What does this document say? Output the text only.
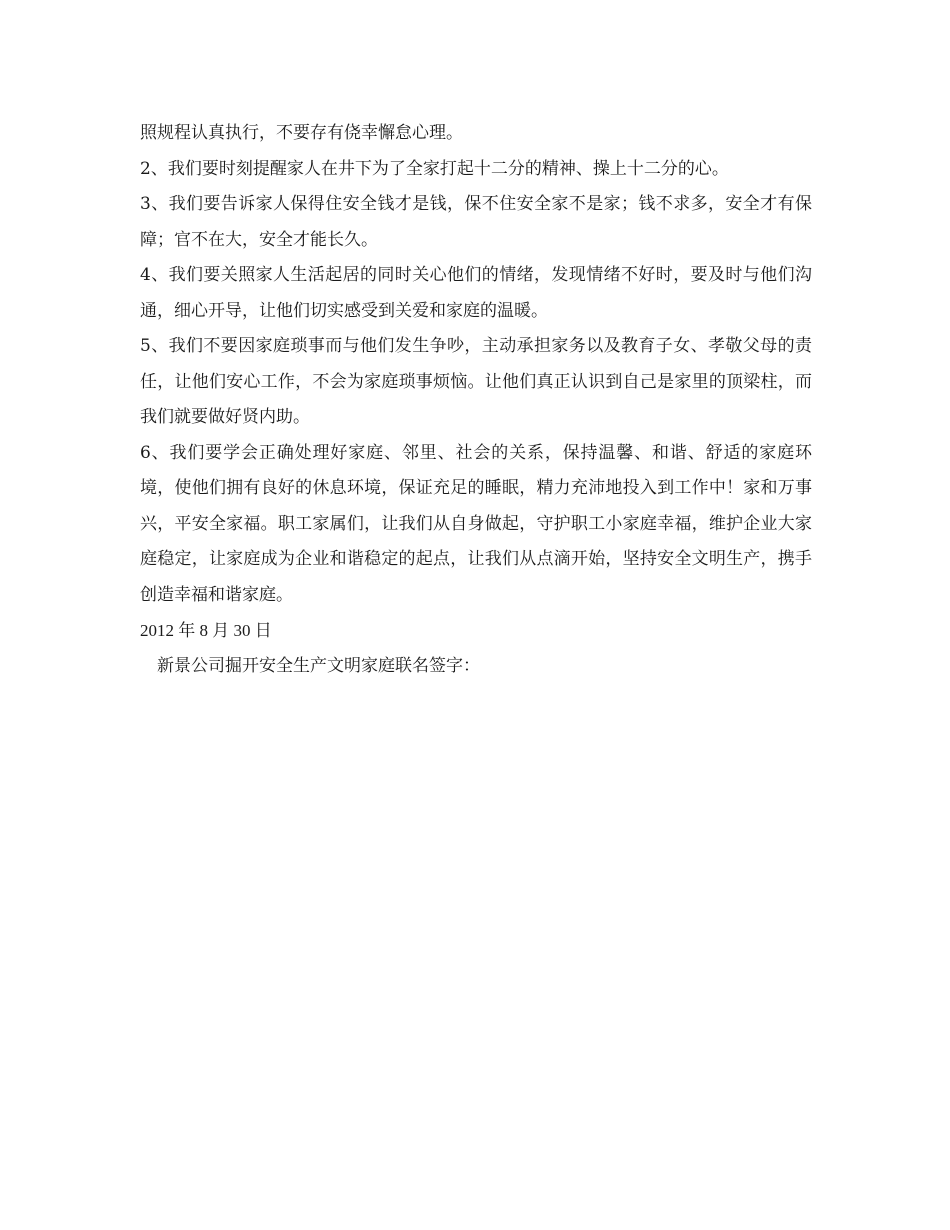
照规程认真执行，不要存有侥幸懈怠心理。

2、我们要时刻提醒家人在井下为了全家打起十二分的精神、操上十二分的心。

3、我们要告诉家人保得住安全钱才是钱，保不住安全家不是家；钱不求多，安全才有保障；官不在大，安全才能长久。

4、我们要关照家人生活起居的同时关心他们的情绪，发现情绪不好时，要及时与他们沟通，细心开导，让他们切实感受到关爱和家庭的温暖。

5、我们不要因家庭琐事而与他们发生争吵，主动承担家务以及教育子女、孝敬父母的责任，让他们安心工作，不会为家庭琐事烦恼。让他们真正认识到自己是家里的顶梁柱，而我们就要做好贤内助。

6、我们要学会正确处理好家庭、邻里、社会的关系，保持温馨、和谐、舒适的家庭环境，使他们拥有良好的休息环境，保证充足的睡眠，精力充沛地投入到工作中！家和万事兴，平安全家福。职工家属们，让我们从自身做起，守护职工小家庭幸福，维护企业大家庭稳定，让家庭成为企业和谐稳定的起点，让我们从点滴开始，坚持安全文明生产，携手创造幸福和谐家庭。

2012 年 8 月 30 日

新景公司掘开安全生产文明家庭联名签字：
